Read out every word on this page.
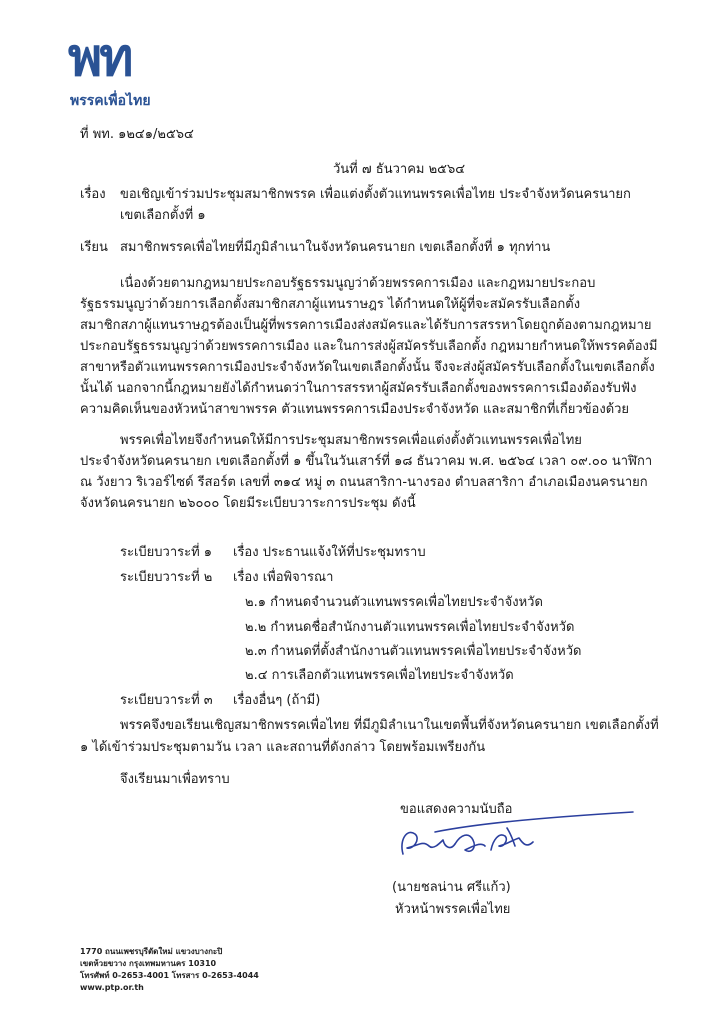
พท
พรรคเพื่อไทย
ที่ พท. ๑๒๔๑/๒๕๖๔
วันที่ ๗ ธันวาคม ๒๕๖๔
เรื่อง ขอเชิญเข้าร่วมประชุมสมาชิกพรรค เพื่อแต่งตั้งตัวแทนพรรคเพื่อไทย ประจำจังหวัดนครนายก
เขตเลือกตั้งที่ ๑
เรียน สมาชิกพรรคเพื่อไทยที่มีภูมิลำเนาในจังหวัดนครนายก เขตเลือกตั้งที่ ๑ ทุกท่าน
เนื่องด้วยตามกฎหมายประกอบรัฐธรรมนูญว่าด้วยพรรคการเมือง และกฎหมายประกอบ
รัฐธรรมนูญว่าด้วยการเลือกตั้งสมาชิกสภาผู้แทนราษฎร ได้กำหนดให้ผู้ที่จะสมัครรับเลือกตั้ง
สมาชิกสภาผู้แทนราษฎรต้องเป็นผู้ที่พรรคการเมืองส่งสมัครและได้รับการสรรหาโดยถูกต้องตามกฎหมาย
ประกอบรัฐธรรมนูญว่าด้วยพรรคการเมือง และในการส่งผู้สมัครรับเลือกตั้ง กฎหมายกำหนดให้พรรคต้องมี
สาขาหรือตัวแทนพรรคการเมืองประจำจังหวัดในเขตเลือกตั้งนั้น จึงจะส่งผู้สมัครรับเลือกตั้งในเขตเลือกตั้ง
นั้นได้ นอกจากนี้กฎหมายยังได้กำหนดว่าในการสรรหาผู้สมัครรับเลือกตั้งของพรรคการเมืองต้องรับฟัง
ความคิดเห็นของหัวหน้าสาขาพรรค ตัวแทนพรรคการเมืองประจำจังหวัด และสมาชิกที่เกี่ยวข้องด้วย
พรรคเพื่อไทยจึงกำหนดให้มีการประชุมสมาชิกพรรคเพื่อแต่งตั้งตัวแทนพรรคเพื่อไทย
ประจำจังหวัดนครนายก เขตเลือกตั้งที่ ๑ ขึ้นในวันเสาร์ที่ ๑๘ ธันวาคม พ.ศ. ๒๕๖๔ เวลา ๐๙.๐๐ นาฬิกา
ณ วังยาว ริเวอร์ไซด์ รีสอร์ต เลขที่ ๓๑๔ หมู่ ๓ ถนนสาริกา-นางรอง ตำบลสาริกา อำเภอเมืองนครนายก
จังหวัดนครนายก ๒๖๐๐๐ โดยมีระเบียบวาระการประชุม ดังนี้
ระเบียบวาระที่ ๑ เรื่อง ประธานแจ้งให้ที่ประชุมทราบ
ระเบียบวาระที่ ๒ เรื่อง เพื่อพิจารณา
๒.๑ กำหนดจำนวนตัวแทนพรรคเพื่อไทยประจำจังหวัด
๒.๒ กำหนดชื่อสำนักงานตัวแทนพรรคเพื่อไทยประจำจังหวัด
๒.๓ กำหนดที่ตั้งสำนักงานตัวแทนพรรคเพื่อไทยประจำจังหวัด
๒.๔ การเลือกตัวแทนพรรคเพื่อไทยประจำจังหวัด
ระเบียบวาระที่ ๓ เรื่องอื่นๆ (ถ้ามี)
พรรคจึงขอเรียนเชิญสมาชิกพรรคเพื่อไทย ที่มีภูมิลำเนาในเขตพื้นที่จังหวัดนครนายก เขตเลือกตั้งที่
๑ ได้เข้าร่วมประชุมตามวัน เวลา และสถานที่ดังกล่าว โดยพร้อมเพรียงกัน
จึงเรียนมาเพื่อทราบ
ขอแสดงความนับถือ
(นายชลน่าน ศรีแก้ว)
หัวหน้าพรรคเพื่อไทย
1770 ถนนเพชรบุรีตัดใหม่ แขวงบางกะปิ
เขตห้วยขวาง กรุงเทพมหานคร 10310
โทรศัพท์ 0-2653-4001 โทรสาร 0-2653-4044
www.ptp.or.th
